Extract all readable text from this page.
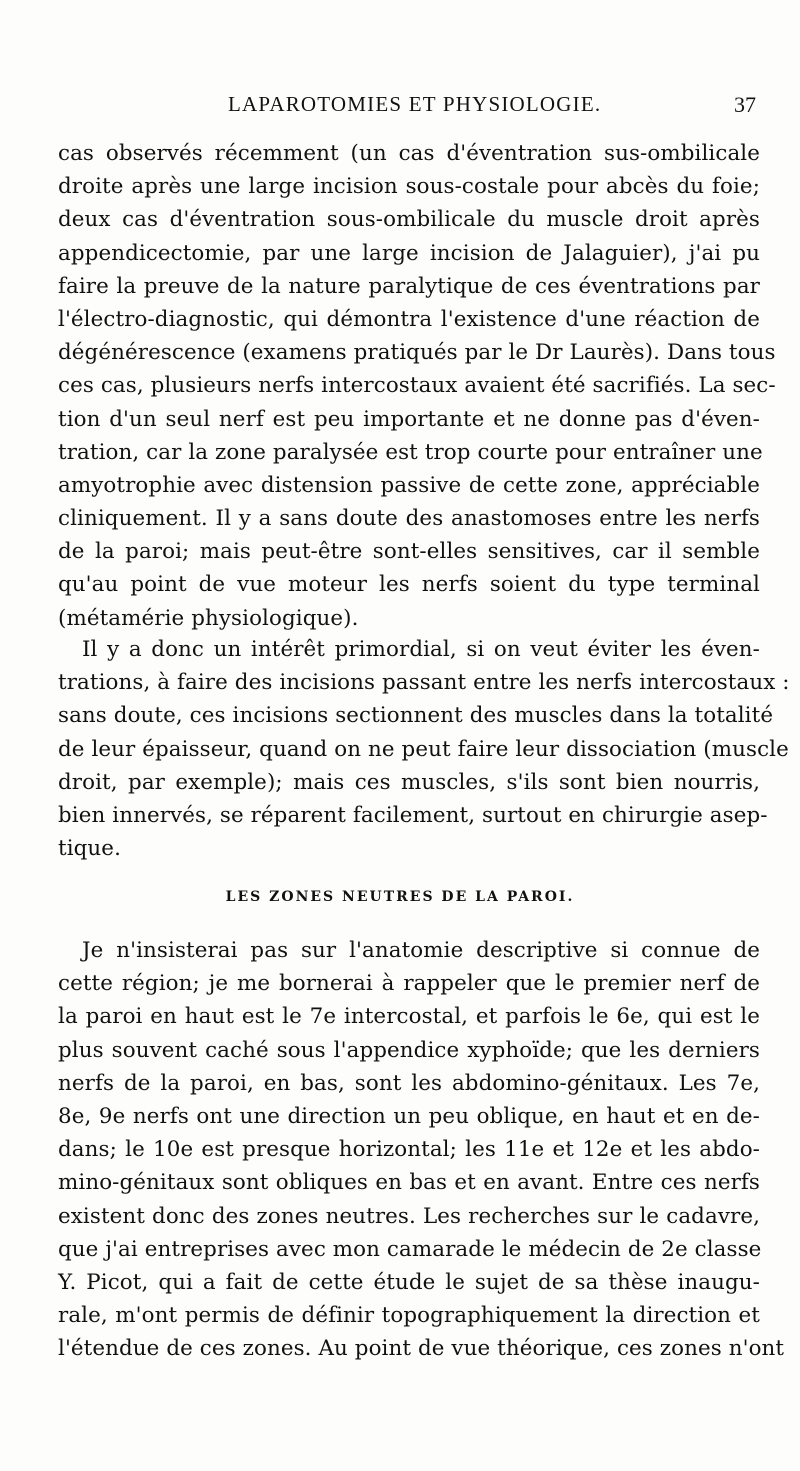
LAPAROTOMIES ET PHYSIOLOGIE.	37
cas observés récemment (un cas d'éventration sus-ombilicale
droite après une large incision sous-costale pour abcès du foie;
deux cas d'éventration sous-ombilicale du muscle droit après
appendicectomie, par une large incision de Jalaguier), j'ai pu
faire la preuve de la nature paralytique de ces éventrations par
l'électro-diagnostic, qui démontra l'existence d'une réaction de
dégénérescence (examens pratiqués par le Dr Laurès). Dans tous
ces cas, plusieurs nerfs intercostaux avaient été sacrifiés. La sec-
tion d'un seul nerf est peu importante et ne donne pas d'éven-
tration, car la zone paralysée est trop courte pour entraîner une
amyotrophie avec distension passive de cette zone, appréciable
cliniquement. Il y a sans doute des anastomoses entre les nerfs
de la paroi; mais peut-être sont-elles sensitives, car il semble
qu'au point de vue moteur les nerfs soient du type terminal
(métamérie physiologique).
Il y a donc un intérêt primordial, si on veut éviter les éven-
trations, à faire des incisions passant entre les nerfs intercostaux :
sans doute, ces incisions sectionnent des muscles dans la totalité
de leur épaisseur, quand on ne peut faire leur dissociation (muscle
droit, par exemple); mais ces muscles, s'ils sont bien nourris,
bien innervés, se réparent facilement, surtout en chirurgie asep-
tique.
LES ZONES NEUTRES DE LA PAROI.
Je n'insisterai pas sur l'anatomie descriptive si connue de
cette région; je me bornerai à rappeler que le premier nerf de
la paroi en haut est le 7e intercostal, et parfois le 6e, qui est le
plus souvent caché sous l'appendice xyphoïde; que les derniers
nerfs de la paroi, en bas, sont les abdomino-génitaux. Les 7e,
8e, 9e nerfs ont une direction un peu oblique, en haut et en de-
dans; le 10e est presque horizontal; les 11e et 12e et les abdo-
mino-génitaux sont obliques en bas et en avant. Entre ces nerfs
existent donc des zones neutres. Les recherches sur le cadavre,
que j'ai entreprises avec mon camarade le médecin de 2e classe
Y. Picot, qui a fait de cette étude le sujet de sa thèse inaugu-
rale, m'ont permis de définir topographiquement la direction et
l'étendue de ces zones. Au point de vue théorique, ces zones n'ont
